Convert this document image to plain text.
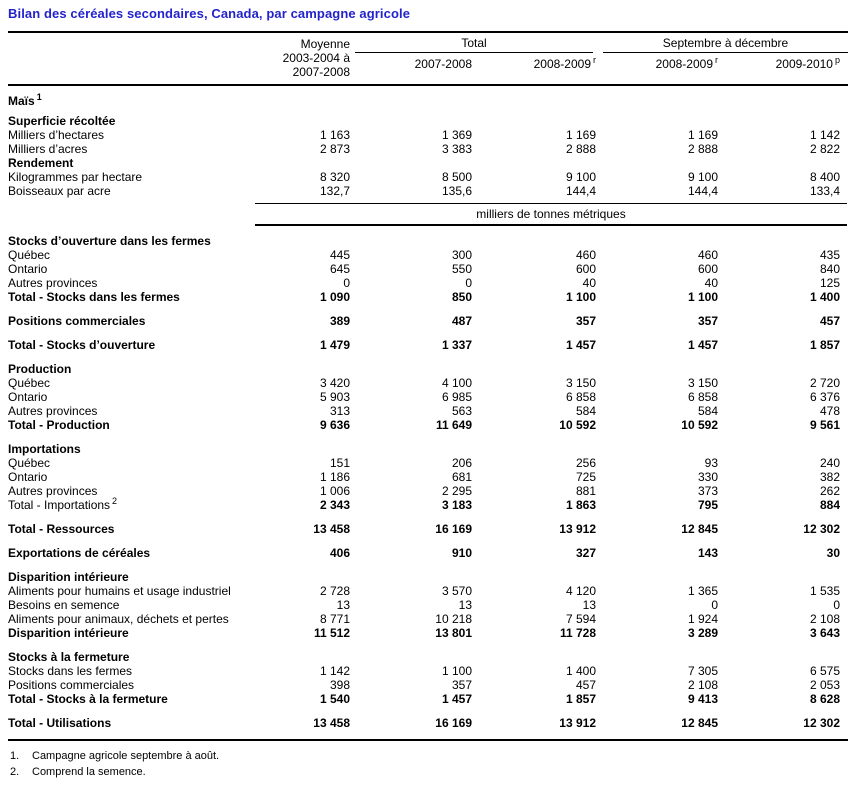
Bilan des céréales secondaires, Canada, par campagne agricole
Moyenne
2003-2004 à
2007-2008
Total
2007-2008	2008-2009 $^r$
Septembre à décembre
2008-2009 $^r$	2009-2010 $^p$
Maïs $^1$
Superficie récoltée
Milliers d’hectares	1 163	1 369	1 169	1 169	1 142
Milliers d’acres	2 873	3 383	2 888	2 888	2 822
Rendement
Kilogrammes par hectare	8 320	8 500	9 100	9 100	8 400
Boisseaux par acre	132,7	135,6	144,4	144,4	133,4
milliers de tonnes métriques
Stocks d’ouverture dans les fermes
Québec	445	300	460	460	435
Ontario	645	550	600	600	840
Autres provinces	0	0	40	40	125
Total - Stocks dans les fermes	1 090	850	1 100	1 100	1 400
Positions commerciales	389	487	357	357	457
Total - Stocks d’ouverture	1 479	1 337	1 457	1 457	1 857
Production
Québec	3 420	4 100	3 150	3 150	2 720
Ontario	5 903	6 985	6 858	6 858	6 376
Autres provinces	313	563	584	584	478
Total - Production	9 636	11 649	10 592	10 592	9 561
Importations
Québec	151	206	256	93	240
Ontario	1 186	681	725	330	382
Autres provinces	1 006	2 295	881	373	262
Total - Importations $^2$	2 343	3 183	1 863	795	884
Total - Ressources	13 458	16 169	13 912	12 845	12 302
Exportations de céréales	406	910	327	143	30
Disparition intérieure
Aliments pour humains et usage industriel	2 728	3 570	4 120	1 365	1 535
Besoins en semence	13	13	13	0	0
Aliments pour animaux, déchets et pertes	8 771	10 218	7 594	1 924	2 108
Disparition intérieure	11 512	13 801	11 728	3 289	3 643
Stocks à la fermeture
Stocks dans les fermes	1 142	1 100	1 400	7 305	6 575
Positions commerciales	398	357	457	2 108	2 053
Total - Stocks à la fermeture	1 540	1 457	1 857	9 413	8 628
Total - Utilisations	13 458	16 169	13 912	12 845	12 302
1.	Campagne agricole septembre à août.
2.	Comprend la semence.
